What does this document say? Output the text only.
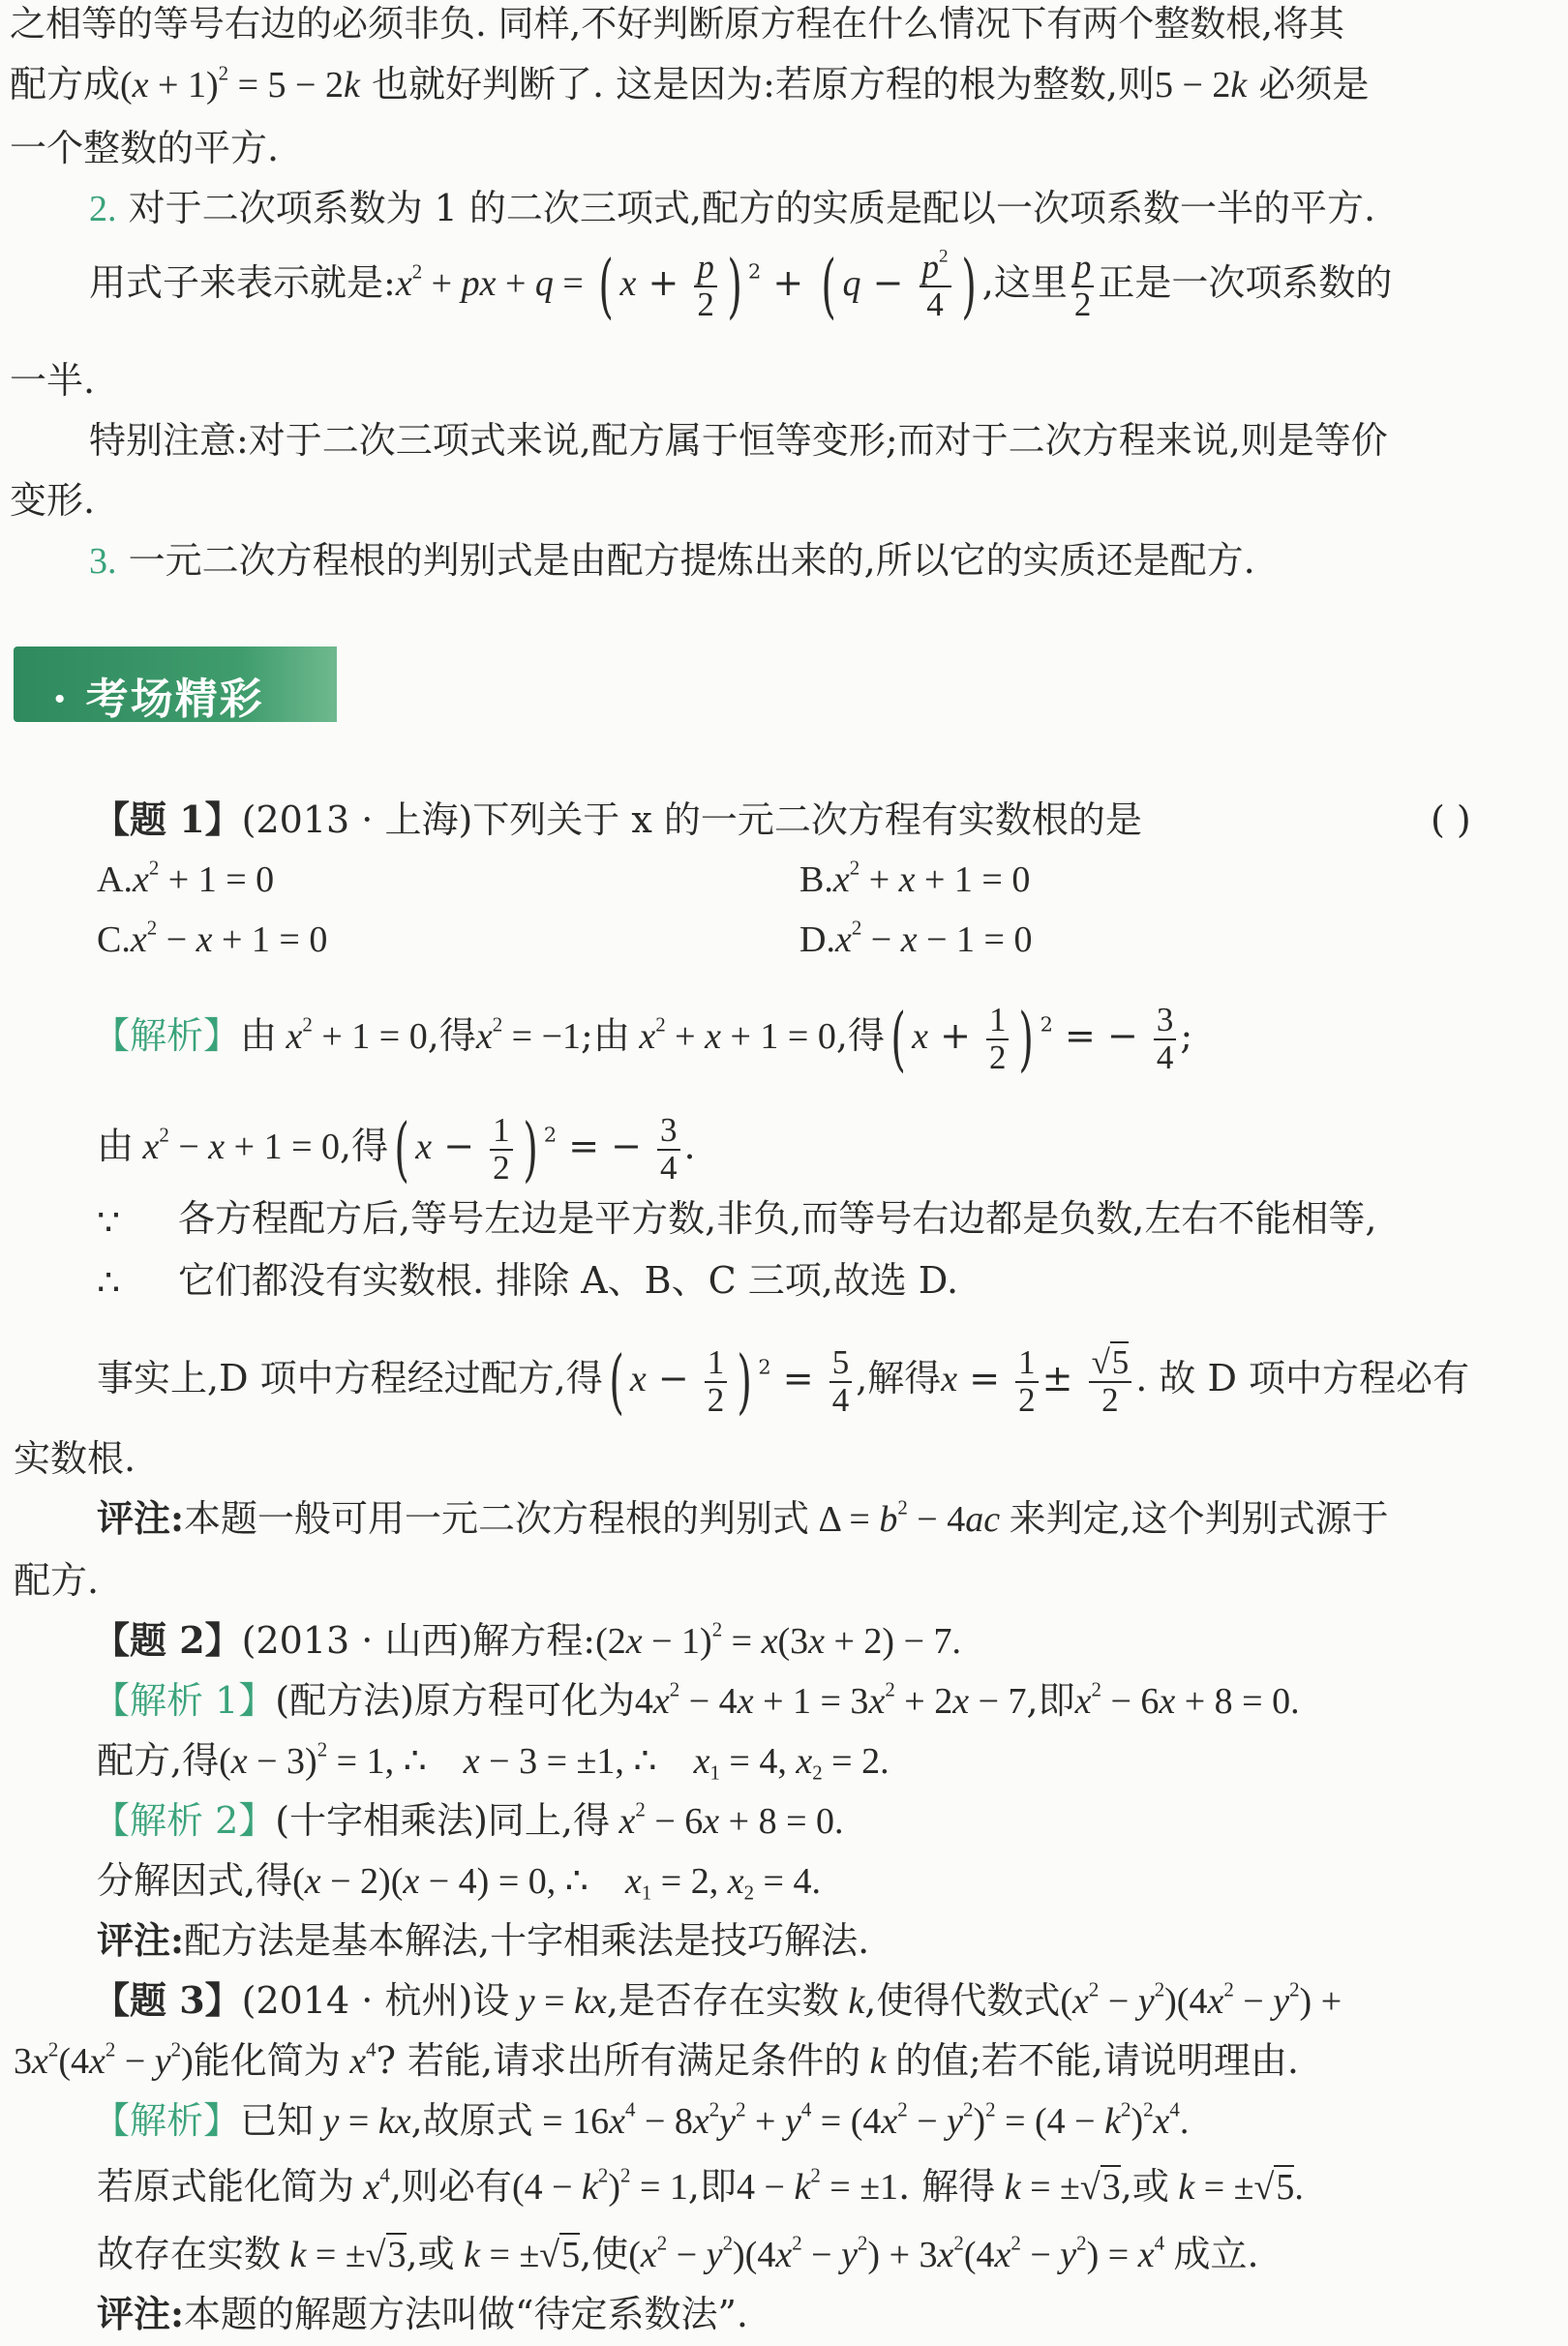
之相等的等号右边的必须非负. 同样,不好判断原方程在什么情况下有两个整数根,将其
配方成$(x + 1)^2 = 5 - 2k$ 也就好判断了. 这是因为:若原方程的根为整数,则5 − 2k 必须是
一个整数的平方.
2. 对于二次项系数为 1 的二次三项式,配方的实质是配以一次项系数一半的平方.
用式子来表示就是$:x^2$ + px + q = ( $x + \frac{p}{2}$ ) $^2$ + ( $q - \frac{p^2}{4}$ ) ,这里 $\frac{p}{2}$ 正是一次项系数的
一半.
特别注意:对于二次三项式来说,配方属于恒等变形;而对于二次方程来说,则是等价
变形.
3. 一元二次方程根的判别式是由配方提炼出来的,所以它的实质还是配方.
· 考场精彩
【题 1】(2013 · 上海)下列关于 x 的一元二次方程有实数根的是	( )
$A.x^2 + 1 = 0$	$B.x^2 + x + 1 = 0$
$C.x^2 - x + 1 = 0$	$D.x^2 - x - 1 = 0$
【解析】由 $x^2 + 1 = 0$,得$x^2 = -1$;由 $x^2 + x + 1 = 0$,得( $x + \frac{1}{2}$ ) $^2$ = − $\frac{3}{4}$ ;
由 $x^2 - x + 1 = 0$,得( $x - \frac{1}{2}$ ) $^2$ = − $\frac{3}{4}$ .
∵ 各方程配方后,等号左边是平方数,非负,而等号右边都是负数,左右不能相等,
∴ 它们都没有实数根. 排除 A、B、C 三项,故选 D.
事实上,D 项中方程经过配方,得( $x - \frac{1}{2}$ ) $^2 = \frac{5}{4}$ ,解得$x = \frac{1}{2} \pm \frac{√5}{2}$ . 故 D 项中方程必有
实数根.
评注:本题一般可用一元二次方程根的判别式 $\Delta = b^2 - 4ac$ 来判定,这个判别式源于
配方.
【题 2】(2013 · 山西)解方程:(2x − 1)$^2$ = x(3x + 2) − 7.
【解析 1】(配方法)原方程可化为$4x^2 - 4x + 1 = 3x^2 + 2x - 7$,即$x^2 - 6x + 8 = 0$.
配方,得$(x - 3)^2 = 1$, ∴    x − 3 = ±1, ∴    $x_1 = 4$, $x_2 = 2$.
【解析 2】(十字相乘法)同上,得 $x^2 - 6x + 8 = 0$.
分解因式,得(x − 2)(x − 4) = 0, ∴    $x_1 = 2$, $x_2 = 4$.
评注:配方法是基本解法,十字相乘法是技巧解法.
【题 3】(2014 · 杭州)设 y = kx,是否存在实数 k,使得代数式$(x^2 - y^2)(4x^2 - y^2)$ +
$3x^2(4x^2 - y^2)$能化简为 $x^4$? 若能,请求出所有满足条件的 k 的值;若不能,请说明理由.
【解析】已知 y = kx,故原式 = $16x^4 - 8x^2y^2 + y^4 = (4x^2 - y^2)^2 = (4 - k^2)^2x^4$.
若原式能化简为 $x^4$,则必有$(4 - k^2)^2 = 1$,即$4 - k^2 = \pm 1$. 解得 k = ±√3,或 k = ±√5.
故存在实数 k = ±√3,或 k = ±√5,使$(x^2 - y^2)(4x^2 - y^2) + 3x^2(4x^2 - y^2) = x^4$ 成立.
评注:本题的解题方法叫做“待定系数法”.
